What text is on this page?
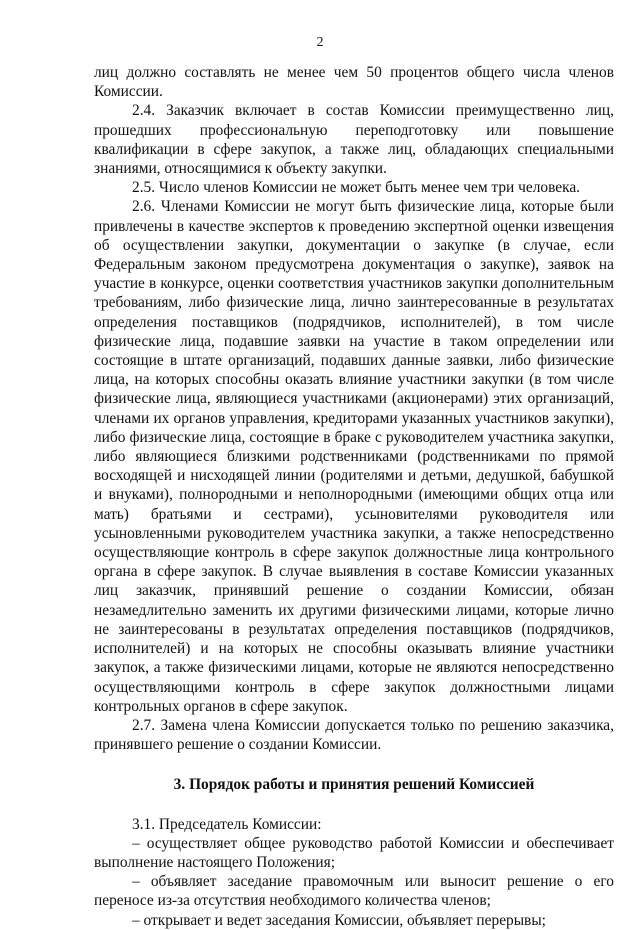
2

лиц должно составлять не менее чем 50 процентов общего числа членов Комиссии.

2.4. Заказчик включает в состав Комиссии преимущественно лиц, прошедших профессиональную переподготовку или повышение квалификации в сфере закупок, а также лиц, обладающих специальными знаниями, относящимися к объекту закупки.

2.5. Число членов Комиссии не может быть менее чем три человека.

2.6. Членами Комиссии не могут быть физические лица, которые были привлечены в качестве экспертов к проведению экспертной оценки извещения об осуществлении закупки, документации о закупке (в случае, если Федеральным законом предусмотрена документация о закупке), заявок на участие в конкурсе, оценки соответствия участников закупки дополнительным требованиям, либо физические лица, лично заинтересованные в результатах определения поставщиков (подрядчиков, исполнителей), в том числе физические лица, подавшие заявки на участие в таком определении или состоящие в штате организаций, подавших данные заявки, либо физические лица, на которых способны оказать влияние участники закупки (в том числе физические лица, являющиеся участниками (акционерами) этих организаций, членами их органов управления, кредиторами указанных участников закупки), либо физические лица, состоящие в браке с руководителем участника закупки, либо являющиеся близкими родственниками (родственниками по прямой восходящей и нисходящей линии (родителями и детьми, дедушкой, бабушкой и внуками), полнородными и неполнородными (имеющими общих отца или мать) братьями и сестрами), усыновителями руководителя или усыновленными руководителем участника закупки, а также непосредственно осуществляющие контроль в сфере закупок должностные лица контрольного органа в сфере закупок. В случае выявления в составе Комиссии указанных лиц заказчик, принявший решение о создании Комиссии, обязан незамедлительно заменить их другими физическими лицами, которые лично не заинтересованы в результатах определения поставщиков (подрядчиков, исполнителей) и на которых не способны оказывать влияние участники закупок, а также физическими лицами, которые не являются непосредственно осуществляющими контроль в сфере закупок должностными лицами контрольных органов в сфере закупок.

2.7. Замена члена Комиссии допускается только по решению заказчика, принявшего решение о создании Комиссии.

3. Порядок работы и принятия решений Комиссией

3.1. Председатель Комиссии:

– осуществляет общее руководство работой Комиссии и обеспечивает выполнение настоящего Положения;

– объявляет заседание правомочным или выносит решение о его переносе из-за отсутствия необходимого количества членов;

– открывает и ведет заседания Комиссии, объявляет перерывы;
